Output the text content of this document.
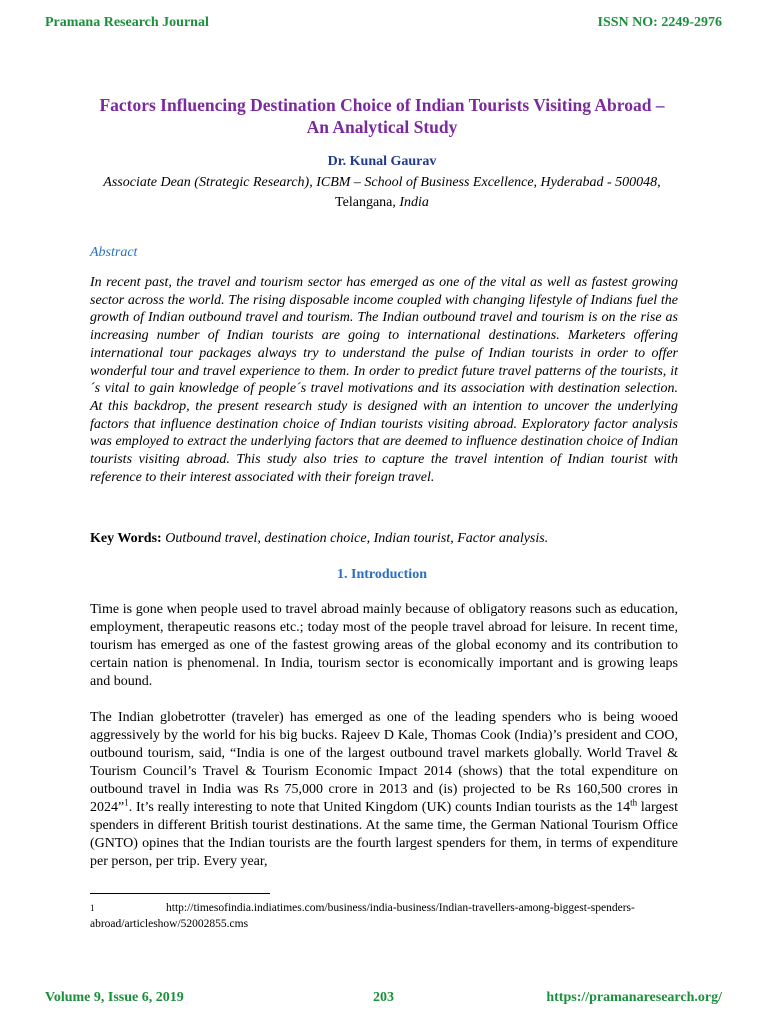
Pramana Research Journal	ISSN NO: 2249-2976
Factors Influencing Destination Choice of Indian Tourists Visiting Abroad –
An Analytical Study
Dr. Kunal Gaurav
Associate Dean (Strategic Research), ICBM – School of Business Excellence, Hyderabad - 500048, Telangana, India
Abstract

In recent past, the travel and tourism sector has emerged as one of the vital as well as fastest growing sector across the world. The rising disposable income coupled with changing lifestyle of Indians fuel the growth of Indian outbound travel and tourism. The Indian outbound travel and tourism is on the rise as increasing number of Indian tourists are going to international destinations. Marketers offering international tour packages always try to understand the pulse of Indian tourists in order to offer wonderful tour and travel experience to them. In order to predict future travel patterns of the tourists, it´s vital to gain knowledge of people´s travel motivations and its association with destination selection. At this backdrop, the present research study is designed with an intention to uncover the underlying factors that influence destination choice of Indian tourists visiting abroad. Exploratory factor analysis was employed to extract the underlying factors that are deemed to influence destination choice of Indian tourists visiting abroad. This study also tries to capture the travel intention of Indian tourist with reference to their interest associated with their foreign travel.

Key Words: Outbound travel, destination choice, Indian tourist, Factor analysis.
1. Introduction

Time is gone when people used to travel abroad mainly because of obligatory reasons such as education, employment, therapeutic reasons etc.; today most of the people travel abroad for leisure. In recent time, tourism has emerged as one of the fastest growing areas of the global economy and its contribution to certain nation is phenomenal. In India, tourism sector is economically important and is growing leaps and bound.

The Indian globetrotter (traveler) has emerged as one of the leading spenders who is being wooed aggressively by the world for his big bucks. Rajeev D Kale, Thomas Cook (India)’s president and COO, outbound tourism, said, “India is one of the largest outbound travel markets globally. World Travel & Tourism Council’s Travel & Tourism Economic Impact 2014 (shows) that the total expenditure on outbound travel in India was Rs 75,000 crore in 2013 and (is) projected to be Rs 160,500 crores in 2024”$^1$. It’s really interesting to note that United Kingdom (UK) counts Indian tourists as the 14th largest spenders in different British tourist destinations. At the same time, the German National Tourism Office (GNTO) opines that the Indian tourists are the fourth largest spenders for them, in terms of expenditure per person, per trip. Every year,

1	http://timesofindia.indiatimes.com/business/india-business/Indian-travellers-among-biggest-spenders-abroad/articleshow/52002855.cms
Volume 9, Issue 6, 2019	203	https://pramanaresearch.org/
